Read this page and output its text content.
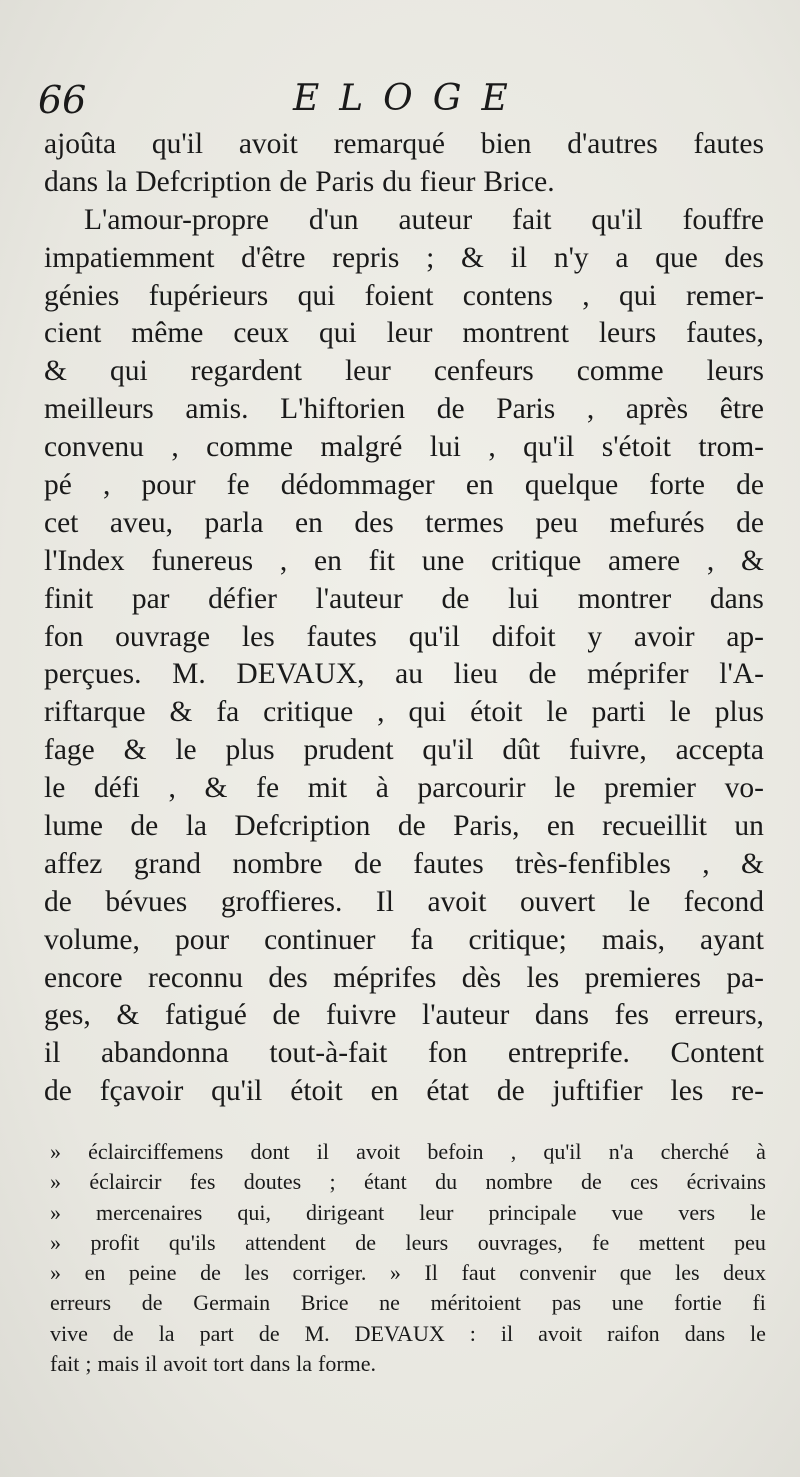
66	ELOGE
ajoûta qu'il avoit remarqué bien d'autres fautes
dans la Defcription de Paris du fieur Brice.
L'amour-propre d'un auteur fait qu'il fouffre
impatiemment d'être repris ; & il n'y a que des
génies fupérieurs qui foient contens , qui remer-
cient même ceux qui leur montrent leurs fautes,
& qui regardent leur cenfeurs comme leurs
meilleurs amis. L'hiftorien de Paris , après être
convenu , comme malgré lui , qu'il s'étoit trom-
pé , pour fe dédommager en quelque forte de
cet aveu, parla en des termes peu mefurés de
l'Index funereus , en fit une critique amere , &
finit par défier l'auteur de lui montrer dans
fon ouvrage les fautes qu'il difoit y avoir ap-
perçues. M. DEVAUX, au lieu de méprifer l'A-
riftarque & fa critique , qui étoit le parti le plus
fage & le plus prudent qu'il dût fuivre, accepta
le défi , & fe mit à parcourir le premier vo-
lume de la Defcription de Paris, en recueillit un
affez grand nombre de fautes très-fenfibles , &
de bévues groffieres. Il avoit ouvert le fecond
volume, pour continuer fa critique; mais, ayant
encore reconnu des méprifes dès les premieres pa-
ges, & fatigué de fuivre l'auteur dans fes erreurs,
il abandonna tout-à-fait fon entreprife. Content
de fçavoir qu'il étoit en état de juftifier les re-
» éclairciffemens dont il avoit befoin , qu'il n'a cherché à
» éclaircir fes doutes ; étant du nombre de ces écrivains
» mercenaires qui, dirigeant leur principale vue vers le
» profit qu'ils attendent de leurs ouvrages, fe mettent peu
» en peine de les corriger. » Il faut convenir que les deux
erreurs de Germain Brice ne méritoient pas une fortie fi
vive de la part de M. DEVAUX : il avoit raifon dans le
fait ; mais il avoit tort dans la forme.
